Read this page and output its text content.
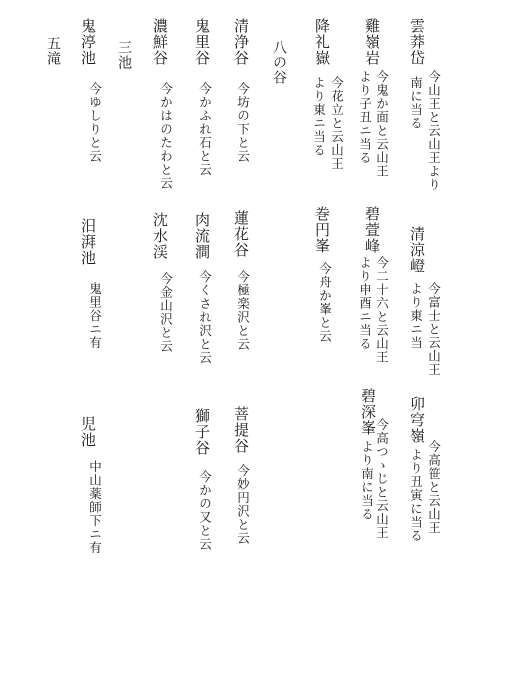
雲莽岱
今山王と云山王より
南に当る
清涼嶝
今富士と云山王
より東ニ当
今高笹と云山王
卯穹嶺
より丑寅に当る
雞嶺岩
今鬼か面と云山王
より子丑ニ当る
碧萱峰
今二十六と云山王
より申酉ニ当る
今高つゝじと云山王
碧深峯
より南に当る
降礼嶽
今花立と云山王
より東ニ当る
巻円峯
今舟か峯と云
八の谷
清浄谷
今坊の下と云
蓮花谷
今極楽沢と云
菩提谷
今妙円沢と云
鬼里谷
今かふれ石と云
肉流澗
今くされ沢と云
獅子谷
今かの又と云
濃鮮谷
今かはのたわと云
沈水渓
今金山沢と云
三池
鬼渟池
今ゆしりと云
汨湃池
鬼里谷ニ有
児池
中山薬師下ニ有
五滝
